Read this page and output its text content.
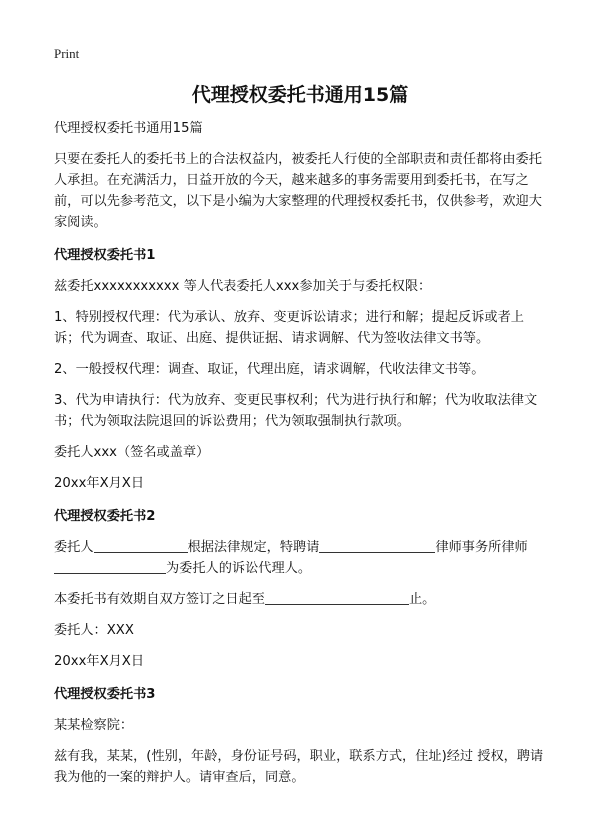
Print
代理授权委托书通用15篇

代理授权委托书通用15篇

只要在委托人的委托书上的合法权益内，被委托人行使的全部职责和责任都将由委托人承担。在充满活力，日益开放的今天，越来越多的事务需要用到委托书，在写之前，可以先参考范文，以下是小编为大家整理的代理授权委托书，仅供参考，欢迎大家阅读。

代理授权委托书1

兹委托xxxxxxxxxxx 等人代表委托人xxx参加关于与委托权限：

1、特别授权代理：代为承认、放弃、变更诉讼请求；进行和解；提起反诉或者上诉；代为调查、取证、出庭、提供证据、请求调解、代为签收法律文书等。

2、一般授权代理：调查、取证，代理出庭，请求调解，代收法律文书等。

3、代为申请执行：代为放弃、变更民事权利；代为进行执行和解；代为收取法律文书；代为领取法院退回的诉讼费用；代为领取强制执行款项。

委托人xxx（签名或盖章）

20xx年X月X日

代理授权委托书2

委托人	根据法律规定，特聘请	律师事务所律师
为委托人的诉讼代理人。

本委托书有效期自双方签订之日起至	止。

委托人：XXX

20xx年X月X日

代理授权委托书3

某某检察院：

兹有我，某某，(性别，年龄，身份证号码，职业，联系方式，住址)经过 授权，聘请我为他的一案的辩护人。请审查后，同意。
